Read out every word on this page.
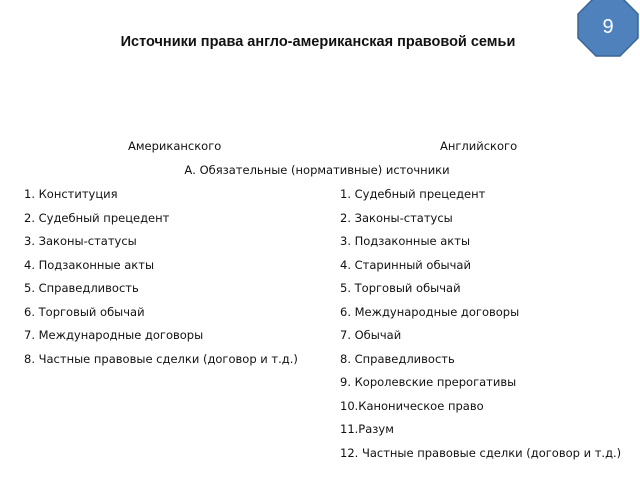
Источники права англо-американская правовой семьи
9
Американского	Английского
А. Обязательные (нормативные) источники
1. Конституция
2. Судебный прецедент
3. Законы-статусы
4. Подзаконные акты
5. Справедливость
6. Торговый обычай
7. Международные договоры
8. Частные правовые сделки (договор и т.д.)
1. Судебный прецедент
2. Законы-статусы
3. Подзаконные акты
4. Старинный обычай
5. Торговый обычай
6. Международные договоры
7. Обычай
8. Справедливость
9. Королевские прерогативы
10.Каноническое право
11.Разум
12. Частные правовые сделки (договор и т.д.)
